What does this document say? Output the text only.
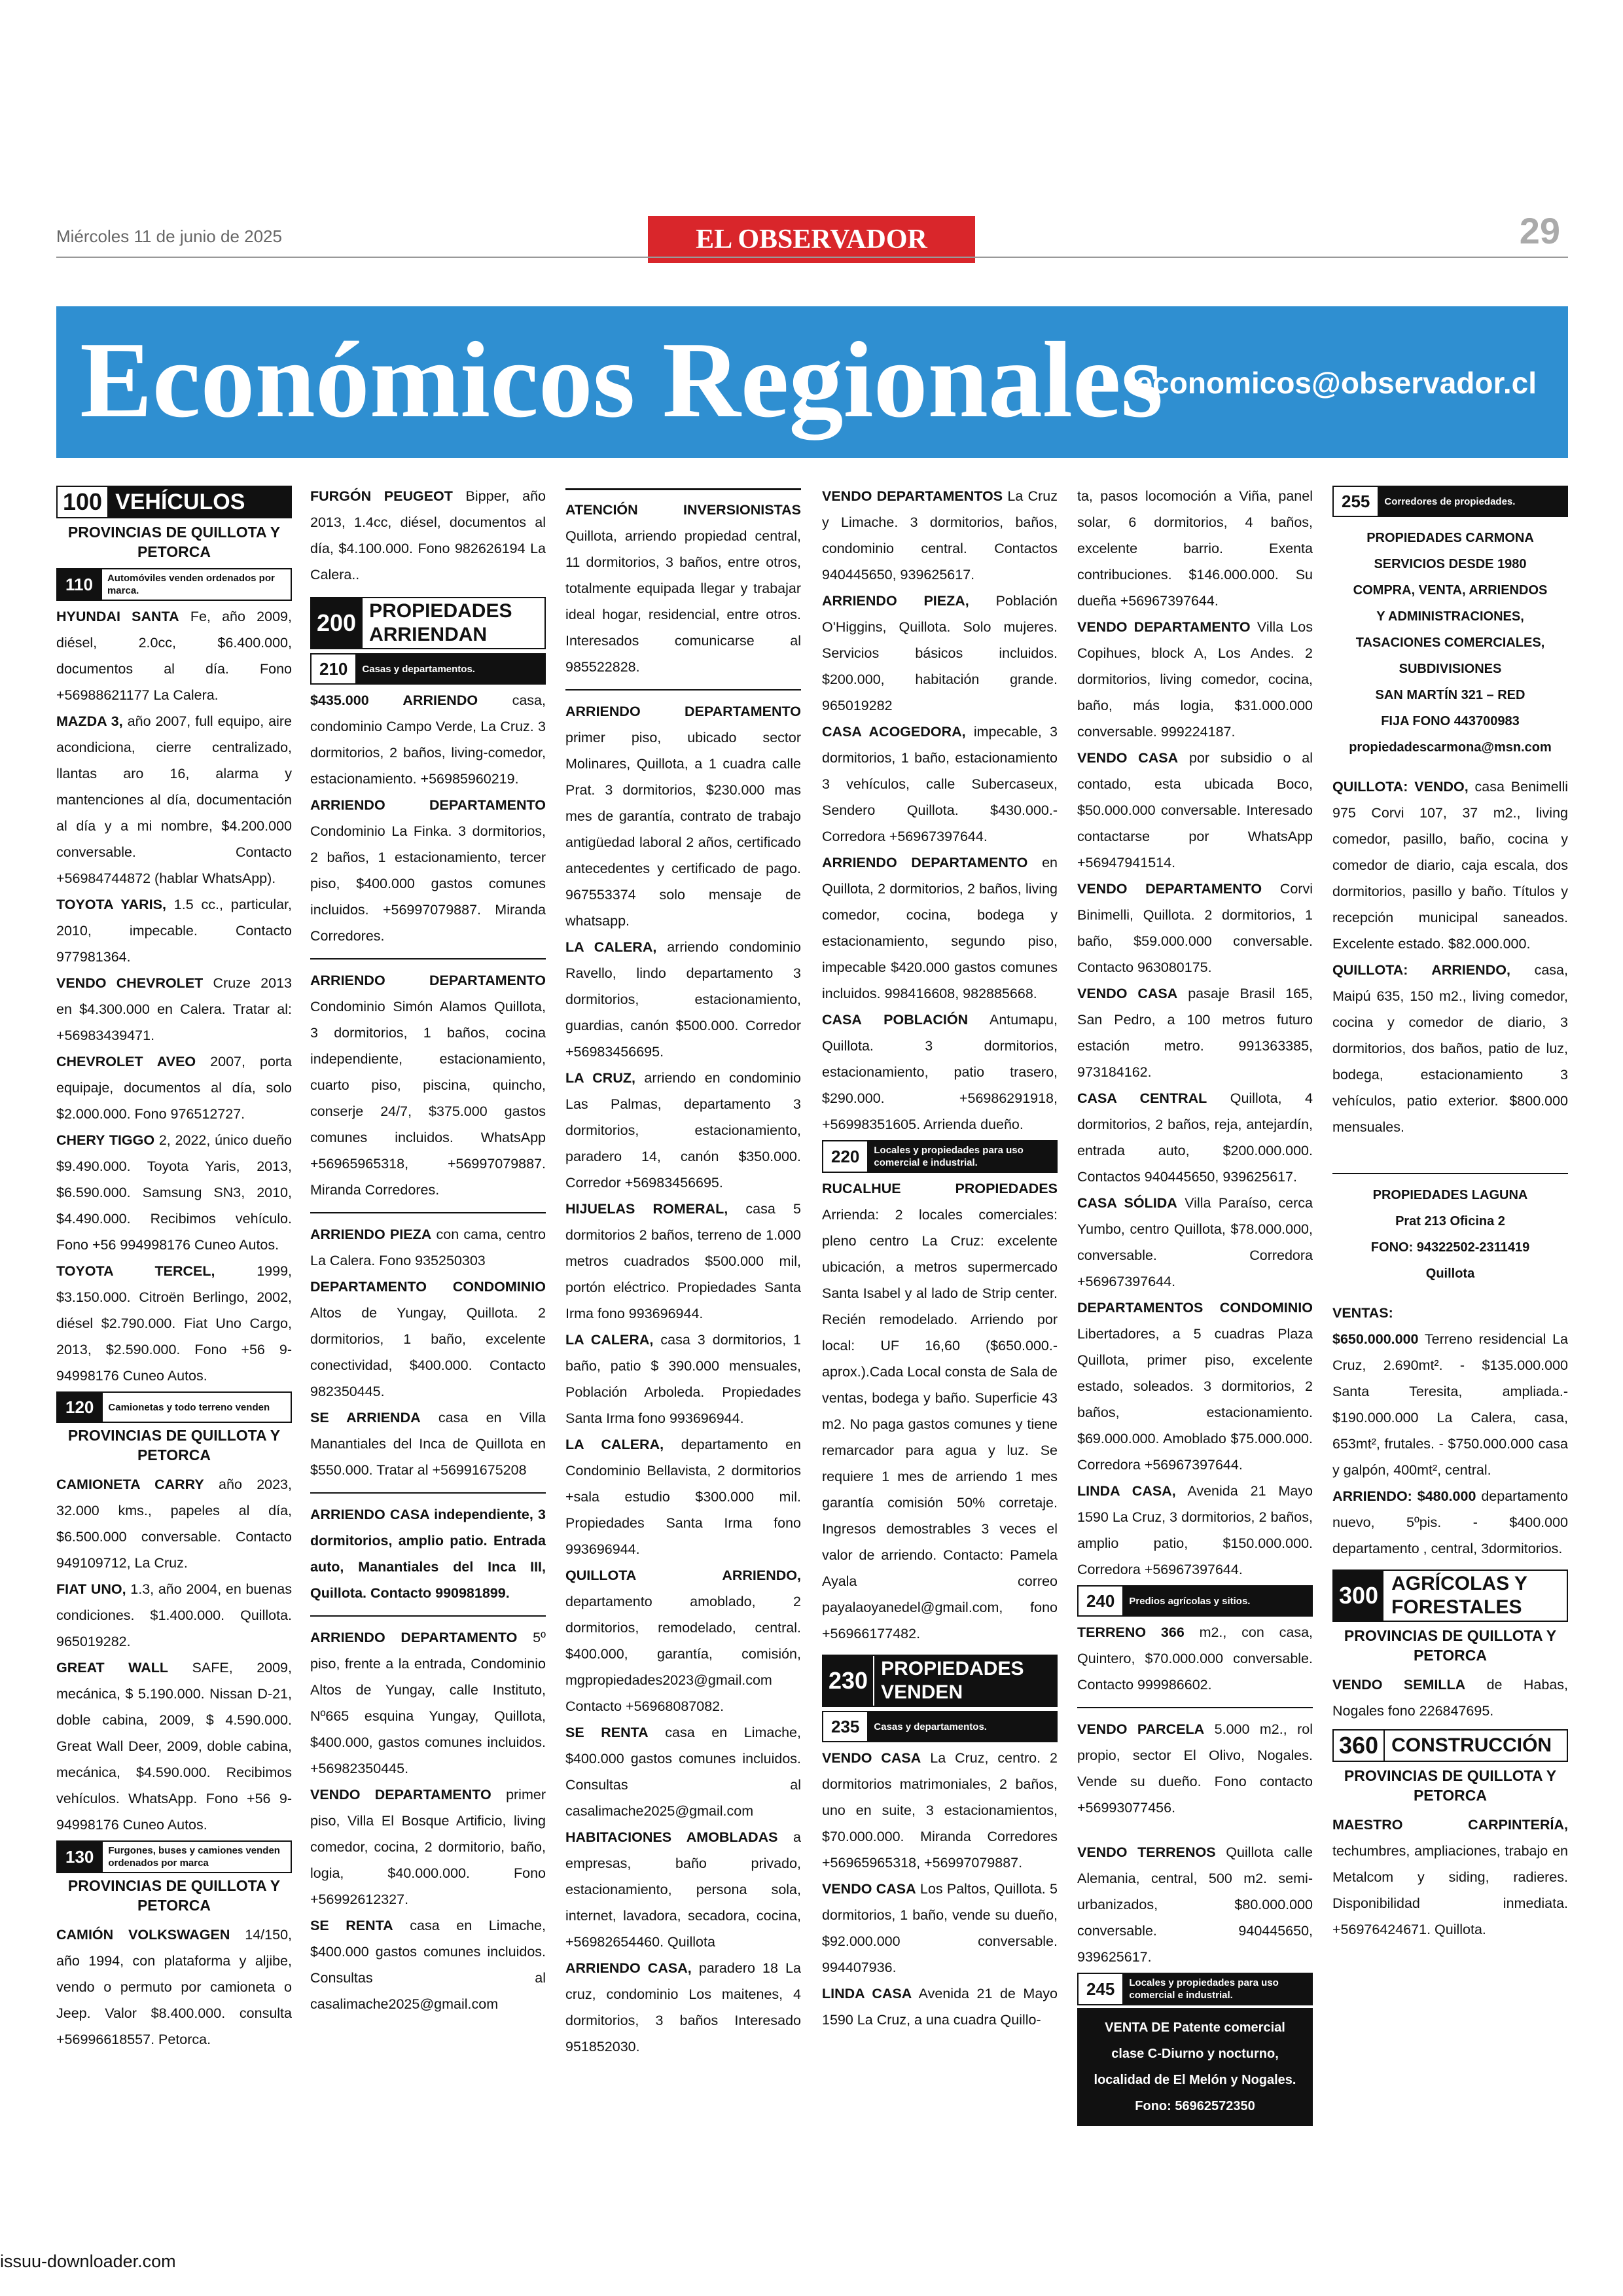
Miércoles 11 de junio de 2025	EL OBSERVADOR	29
Económicos Regionales
economicos@observador.cl
100 VEHÍCULOS
PROVINCIAS DE QUILLOTA Y PETORCA
110	Automóviles venden ordenados por marca.

HYUNDAI SANTA Fe, año 2009, diésel, 2.0cc, $6.400.000, documentos al día. Fono +56988621177 La Calera.

MAZDA 3, año 2007, full equipo, aire acondiciona, cierre centralizado, llantas aro 16, alarma y mantenciones al día, documentación al día y a mi nombre, $4.200.000 conversable. Contacto +56984744872 (hablar WhatsApp).

TOYOTA YARIS, 1.5 cc., particular, 2010, impecable. Contacto 977981364.

VENDO CHEVROLET Cruze 2013 en $4.300.000 en Calera. Tratar al: +56983439471.

CHEVROLET AVEO 2007, porta equipaje, documentos al día, solo $2.000.000. Fono 976512727.

CHERY TIGGO 2, 2022, único dueño $9.490.000. Toyota Yaris, 2013, $6.590.000. Samsung SN3, 2010, $4.490.000. Recibimos vehículo. Fono +56 994998176 Cuneo Autos.

TOYOTA TERCEL, 1999, $3.150.000. Citroën Berlingo, 2002, diésel $2.790.000. Fiat Uno Cargo, 2013, $2.590.000. Fono +56 9-94998176 Cuneo Autos.

120	Camionetas y todo terreno venden
PROVINCIAS DE QUILLOTA Y PETORCA

CAMIONETA CARRY año 2023, 32.000 kms., papeles al día, $6.500.000 conversable. Contacto 949109712, La Cruz.

FIAT UNO, 1.3, año 2004, en buenas condiciones. $1.400.000. Quillota. 965019282.

GREAT WALL SAFE, 2009, mecánica, $ 5.190.000. Nissan D-21, doble cabina, 2009, $ 4.590.000. Great Wall Deer, 2009, doble cabina, mecánica, $4.590.000. Recibimos vehículos. WhatsApp. Fono +56 9-94998176 Cuneo Autos.

130	Furgones, buses y camiones venden ordenados por marca
PROVINCIAS DE QUILLOTA Y PETORCA

CAMIÓN VOLKSWAGEN 14/150, año 1994, con plataforma y aljibe, vendo o permuto por camioneta o Jeep. Valor $8.400.000. consulta +56996618557. Petorca.

FURGÓN PEUGEOT Bipper, año 2013, 1.4cc, diésel, documentos al día, $4.100.000. Fono 982626194 La Calera..

200 PROPIEDADES ARRIENDAN
210	Casas y departamentos.

$435.000 ARRIENDO casa, condominio Campo Verde, La Cruz. 3 dormitorios, 2 baños, living-comedor, estacionamiento. +56985960219.

ARRIENDO DEPARTAMENTO Condominio La Finka. 3 dormitorios, 2 baños, 1 estacionamiento, tercer piso, $400.000 gastos comunes incluidos. +56997079887. Miranda Corredores.

ARRIENDO DEPARTAMENTO Condominio Simón Alamos Quillota, 3 dormitorios, 1 baños, cocina independiente, estacionamiento, cuarto piso, piscina, quincho, conserje 24/7, $375.000 gastos comunes incluidos. WhatsApp +56965965318, +56997079887. Miranda Corredores.

ARRIENDO PIEZA con cama, centro La Calera. Fono 935250303

DEPARTAMENTO CONDOMINIO Altos de Yungay, Quillota. 2 dormitorios, 1 baño, excelente conectividad, $400.000. Contacto 982350445.

SE ARRIENDA casa en Villa Manantiales del Inca de Quillota en $550.000. Tratar al +56991675208

ARRIENDO CASA independiente, 3 dormitorios, amplio patio. Entrada auto, Manantiales del Inca III, Quillota. Contacto 990981899.

ARRIENDO DEPARTAMENTO 5º piso, frente a la entrada, Condominio Altos de Yungay, calle Instituto, Nº665 esquina Yungay, Quillota, $400.000, gastos comunes incluidos. +56982350445.

VENDO DEPARTAMENTO primer piso, Villa El Bosque Artificio, living comedor, cocina, 2 dormitorio, baño, logia, $40.000.000. Fono +56992612327.

SE RENTA casa en Limache, $400.000 gastos comunes incluidos. Consultas al casalimache2025@gmail.com

ATENCIÓN INVERSIONISTAS Quillota, arriendo propiedad central, 11 dormitorios, 3 baños, entre otros, totalmente equipada llegar y trabajar ideal hogar, residencial, entre otros. Interesados comunicarse al 985522828.

ARRIENDO DEPARTAMENTO primer piso, ubicado sector Molinares, Quillota, a 1 cuadra calle Prat. 3 dormitorios, $230.000 mas mes de garantía, contrato de trabajo antigüedad laboral 2 años, certificado antecedentes y certificado de pago. 967553374 solo mensaje de whatsapp.

LA CALERA, arriendo condominio Ravello, lindo departamento 3 dormitorios, estacionamiento, guardias, canón $500.000. Corredor +56983456695.

LA CRUZ, arriendo en condominio Las Palmas, departamento 3 dormitorios, estacionamiento, paradero 14, canón $350.000. Corredor +56983456695.

HIJUELAS ROMERAL, casa 5 dormitorios 2 baños, terreno de 1.000 metros cuadrados $500.000 mil, portón eléctrico. Propiedades Santa Irma fono 993696944.

LA CALERA, casa 3 dormitorios, 1 baño, patio $ 390.000 mensuales, Población Arboleda. Propiedades Santa Irma fono 993696944.

LA CALERA, departamento en Condominio Bellavista, 2 dormitorios +sala estudio $300.000 mil. Propiedades Santa Irma fono 993696944.

QUILLOTA ARRIENDO, departamento amoblado, 2 dormitorios, remodelado, central. $400.000, garantía, comisión, mgpropiedades2023@gmail.com Contacto +56968087082.

SE RENTA casa en Limache, $400.000 gastos comunes incluidos. Consultas al casalimache2025@gmail.com

HABITACIONES AMOBLADAS a empresas, baño privado, estacionamiento, persona sola, internet, lavadora, secadora, cocina, +56982654460. Quillota

ARRIENDO CASA, paradero 18 La cruz, condominio Los maitenes, 4 dormitorios, 3 baños Interesado 951852030.

VENDO DEPARTAMENTOS La Cruz y Limache. 3 dormitorios, baños, condominio central. Contactos 940445650, 939625617.

ARRIENDO PIEZA, Población O'Higgins, Quillota. Solo mujeres. Servicios básicos incluidos. $200.000, habitación grande. 965019282

CASA ACOGEDORA, impecable, 3 dormitorios, 1 baño, estacionamiento 3 vehículos, calle Subercaseux, Sendero Quillota. $430.000.- Corredora +56967397644.

ARRIENDO DEPARTAMENTO en Quillota, 2 dormitorios, 2 baños, living comedor, cocina, bodega y estacionamiento, segundo piso, impecable $420.000 gastos comunes incluidos. 998416608, 982885668.

CASA POBLACIÓN Antumapu, Quillota. 3 dormitorios, estacionamiento, patio trasero, $290.000. +56986291918, +56998351605. Arrienda dueño.

220	Locales y propiedades para uso comercial e industrial.

RUCALHUE PROPIEDADES Arrienda: 2 locales comerciales: pleno centro La Cruz: excelente ubicación, a metros supermercado Santa Isabel y al lado de Strip center. Recién remodelado. Arriendo por local: UF 16,60 ($650.000.- aprox.).Cada Local consta de Sala de ventas, bodega y baño. Superficie 43 m2. No paga gastos comunes y tiene remarcador para agua y luz. Se requiere 1 mes de arriendo 1 mes garantía comisión 50% corretaje. Ingresos demostrables 3 veces el valor de arriendo. Contacto: Pamela Ayala correo payalaoyanedel@gmail.com, fono +56966177482.

230 PROPIEDADES VENDEN
235	Casas y departamentos.

VENDO CASA La Cruz, centro. 2 dormitorios matrimoniales, 2 baños, uno en suite, 3 estacionamientos, $70.000.000. Miranda Corredores +56965965318, +56997079887.

VENDO CASA Los Paltos, Quillota. 5 dormitorios, 1 baño, vende su dueño, $92.000.000 conversable. 994407936.

LINDA CASA Avenida 21 de Mayo 1590 La Cruz, a una cuadra Quillo-

ta, pasos locomoción a Viña, panel solar, 6 dormitorios, 4 baños, excelente barrio. Exenta contribuciones. $146.000.000. Su dueña +56967397644.

VENDO DEPARTAMENTO Villa Los Copihues, block A, Los Andes. 2 dormitorios, living comedor, cocina, baño, más logia, $31.000.000 conversable. 999224187.

VENDO CASA por subsidio o al contado, esta ubicada Boco, $50.000.000 conversable. Interesado contactarse por WhatsApp +56947941514.

VENDO DEPARTAMENTO Corvi Binimelli, Quillota. 2 dormitorios, 1 baño, $59.000.000 conversable. Contacto 963080175.

VENDO CASA pasaje Brasil 165, San Pedro, a 100 metros futuro estación metro. 991363385, 973184162.

CASA CENTRAL Quillota, 4 dormitorios, 2 baños, reja, antejardín, entrada auto, $200.000.000. Contactos 940445650, 939625617.

CASA SÓLIDA Villa Paraíso, cerca Yumbo, centro Quillota, $78.000.000, conversable. Corredora +56967397644.

DEPARTAMENTOS CONDOMINIO Libertadores, a 5 cuadras Plaza Quillota, primer piso, excelente estado, soleados. 3 dormitorios, 2 baños, estacionamiento. $69.000.000. Amoblado $75.000.000. Corredora +56967397644.

LINDA CASA, Avenida 21 Mayo 1590 La Cruz, 3 dormitorios, 2 baños, amplio patio, $150.000.000. Corredora +56967397644.

240	Predios agrícolas y sitios.

TERRENO 366 m2., con casa, Quintero, $70.000.000 conversable. Contacto 999986602.

VENDO PARCELA 5.000 m2., rol propio, sector El Olivo, Nogales. Vende su dueño. Fono contacto +56993077456.

VENDO TERRENOS Quillota calle Alemania, central, 500 m2. semi-urbanizados, $80.000.000 conversable. 940445650, 939625617.

245	Locales y propiedades para uso comercial e industrial.
VENTA DE Patente comercial clase C-Diurno y nocturno, localidad de El Melón y Nogales. Fono: 56962572350
255	Corredores de propiedades.
PROPIEDADES CARMONA
SERVICIOS DESDE 1980
COMPRA, VENTA, ARRIENDOS
Y ADMINISTRACIONES,
TASACIONES COMERCIALES,
SUBDIVISIONES
SAN MARTÍN 321 – RED
FIJA FONO 443700983
propiedadescarmona@msn.com

QUILLOTA: VENDO, casa Benimelli 975 Corvi 107, 37 m2., living comedor, pasillo, baño, cocina y comedor de diario, caja escala, dos dormitorios, pasillo y baño. Títulos y recepción municipal saneados. Excelente estado. $82.000.000.

QUILLOTA: ARRIENDO, casa, Maipú 635, 150 m2., living comedor, cocina y comedor de diario, 3 dormitorios, dos baños, patio de luz, bodega, estacionamiento 3 vehículos, patio exterior. $800.000 mensuales.

PROPIEDADES LAGUNA
Prat 213 Oficina 2
FONO: 94322502-2311419
Quillota

VENTAS:

$650.000.000 Terreno residencial La Cruz, 2.690mt². - $135.000.000 Santa Teresita, ampliada.- $190.000.000 La Calera, casa, 653mt², frutales. - $750.000.000 casa y galpón, 400mt², central.

ARRIENDO: $480.000 departamento nuevo, 5ºpis. - $400.000 departamento , central, 3dormitorios.

300 AGRÍCOLAS Y FORESTALES
PROVINCIAS DE QUILLOTA Y PETORCA

VENDO SEMILLA de Habas, Nogales fono 226847695.

360 CONSTRUCCIÓN
PROVINCIAS DE QUILLOTA Y PETORCA

MAESTRO CARPINTERÍA, techumbres, ampliaciones, trabajo en Metalcom y siding, radieres. Disponibilidad inmediata. +56976424671. Quillota.

issuu-downloader.com
